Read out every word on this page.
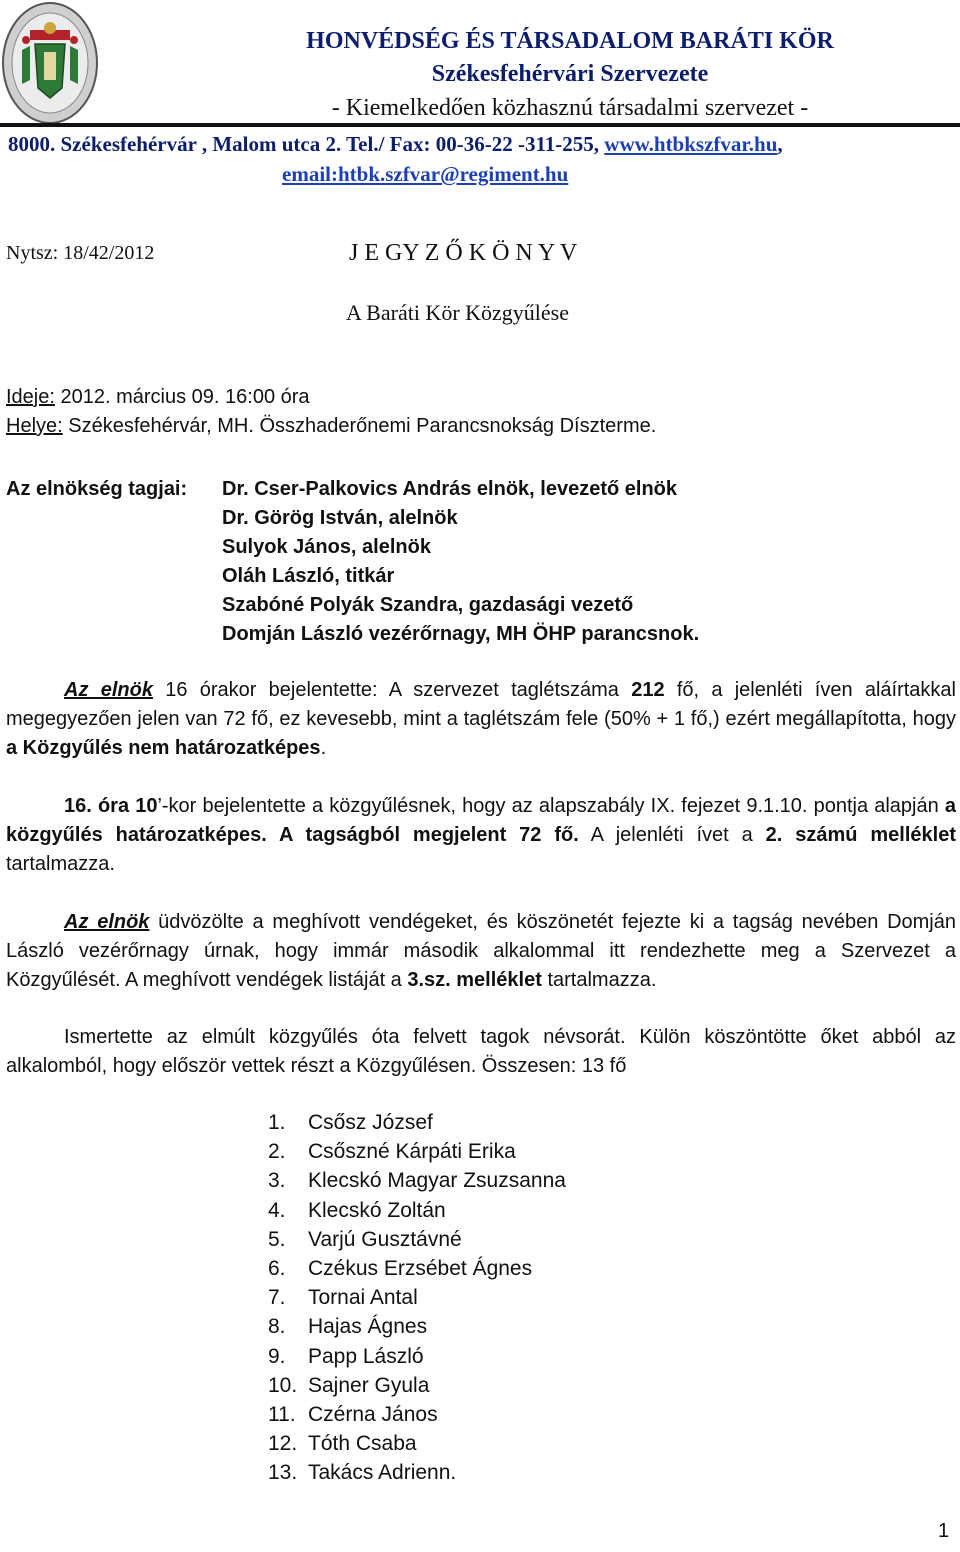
HONVÉDSÉG ÉS TÁRSADALOM BARÁTI KÖR
Székesfehérvári Szervezete
- Kiemelkedően közhasznú társadalmi szervezet -
8000. Székesfehérvár , Malom utca 2. Tel./ Fax: 00-36-22 -311-255, www.htbkszfvar.hu,
email:htbk.szfvar@regiment.hu
Nytsz: 18/42/2012	J E GY Z Ő K Ö N Y V
A Baráti Kör Közgyűlése
Ideje: 2012. március 09. 16:00 óra
Helye: Székesfehérvár, MH. Összhaderőnemi Parancsnokság Díszterme.
Az elnökség tagjai: Dr. Cser-Palkovics András elnök, levezető elnök
Dr. Görög István, alelnök
Sulyok János, alelnök
Oláh László, titkár
Szabóné Polyák Szandra, gazdasági vezető
Domján László vezérőrnagy, MH ÖHP parancsnok.
Az elnök 16 órakor bejelentette: A szervezet taglétszáma 212 fő, a jelenléti íven aláírtakkal megegyezően jelen van 72 fő, ez kevesebb, mint a taglétszám fele (50% + 1 fő,) ezért megállapította, hogy a Közgyűlés nem határozatképes.
16. óra 10’-kor bejelentette a közgyűlésnek, hogy az alapszabály IX. fejezet 9.1.10. pontja alapján a közgyűlés határozatképes. A tagságból megjelent 72 fő. A jelenléti ívet a 2. számú melléklet tartalmazza.
Az elnök üdvözölte a meghívott vendégeket, és köszönetét fejezte ki a tagság nevében Domján László vezérőrnagy úrnak, hogy immár második alkalommal itt rendezhette meg a Szervezet a Közgyűlését. A meghívott vendégek listáját a 3.sz. melléklet tartalmazza.
Ismertette az elmúlt közgyűlés óta felvett tagok névsorát. Külön köszöntötte őket abból az alkalomból, hogy először vettek részt a Közgyűlésen. Összesen: 13 fő
1.	Csősz József
2.	Csőszné Kárpáti Erika
3.	Klecskó Magyar Zsuzsanna
4.	Klecskó Zoltán
5.	Varjú Gusztávné
6.	Czékus Erzsébet Ágnes
7.	Tornai Antal
8.	Hajas Ágnes
9.	Papp László
10. Sajner Gyula
11. Czérna János
12. Tóth Csaba
13. Takács Adrienn.
1
